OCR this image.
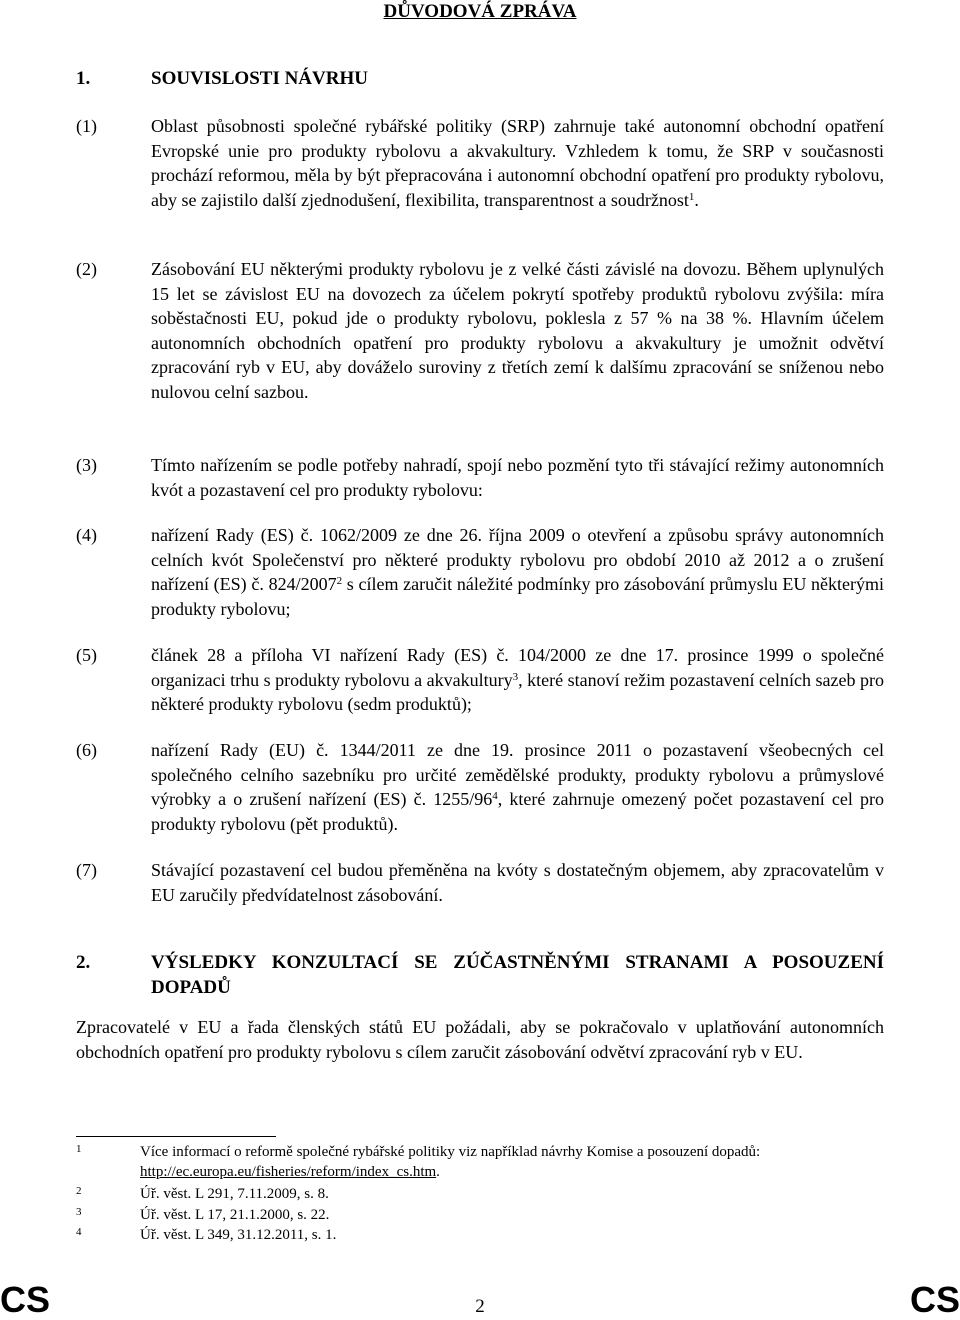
DŮVODOVÁ ZPRÁVA
1.	SOUVISLOSTI NÁVRHU
(1)	Oblast působnosti společné rybářské politiky (SRP) zahrnuje také autonomní obchodní opatření Evropské unie pro produkty rybolovu a akvakultury. Vzhledem k tomu, že SRP v současnosti prochází reformou, měla by být přepracována i autonomní obchodní opatření pro produkty rybolovu, aby se zajistilo další zjednodušení, flexibilita, transparentnost a soudržnost$^1$.
(2)	Zásobování EU některými produkty rybolovu je z velké části závislé na dovozu. Během uplynulých 15 let se závislost EU na dovozech za účelem pokrytí spotřeby produktů rybolovu zvýšila: míra soběstačnosti EU, pokud jde o produkty rybolovu, poklesla z 57 % na 38 %. Hlavním účelem autonomních obchodních opatření pro produkty rybolovu a akvakultury je umožnit odvětví zpracování ryb v EU, aby dováželo suroviny z třetích zemí k dalšímu zpracování se sníženou nebo nulovou celní sazbou.
(3)	Tímto nařízením se podle potřeby nahradí, spojí nebo pozmění tyto tři stávající režimy autonomních kvót a pozastavení cel pro produkty rybolovu:
(4)	nařízení Rady (ES) č. 1062/2009 ze dne 26. října 2009 o otevření a způsobu správy autonomních celních kvót Společenství pro některé produkty rybolovu pro období 2010 až 2012 a o zrušení nařízení (ES) č. 824/2007$^2$ s cílem zaručit náležité podmínky pro zásobování průmyslu EU některými produkty rybolovu;
(5)	článek 28 a příloha VI nařízení Rady (ES) č. 104/2000 ze dne 17. prosince 1999 o společné organizaci trhu s produkty rybolovu a akvakultury$^3$, které stanoví režim pozastavení celních sazeb pro některé produkty rybolovu (sedm produktů);
(6)	nařízení Rady (EU) č. 1344/2011 ze dne 19. prosince 2011 o pozastavení všeobecných cel společného celního sazebníku pro určité zemědělské produkty, produkty rybolovu a průmyslové výrobky a o zrušení nařízení (ES) č. $1255/96^4$, které zahrnuje omezený počet pozastavení cel pro produkty rybolovu (pět produktů).
(7)	Stávající pozastavení cel budou přeměněna na kvóty s dostatečným objemem, aby zpracovatelům v EU zaručily předvídatelnost zásobování.
2.	VÝSLEDKY KONZULTACÍ SE ZÚČASTNĚNÝMI STRANAMI A POSOUZENÍ DOPADŮ
Zpracovatelé v EU a řada členských států EU požádali, aby se pokračovalo v uplatňování autonomních obchodních opatření pro produkty rybolovu s cílem zaručit zásobování odvětví zpracování ryb v EU.
1	Více informací o reformě společné rybářské politiky viz například návrhy Komise a posouzení dopadů: http://ec.europa.eu/fisheries/reform/index_cs.htm.
2	Úř. věst. L 291, 7.11.2009, s. 8.
3	Úř. věst. L 17, 21.1.2000, s. 22.
4	Úř. věst. L 349, 31.12.2011, s. 1.
CS	2	CS
